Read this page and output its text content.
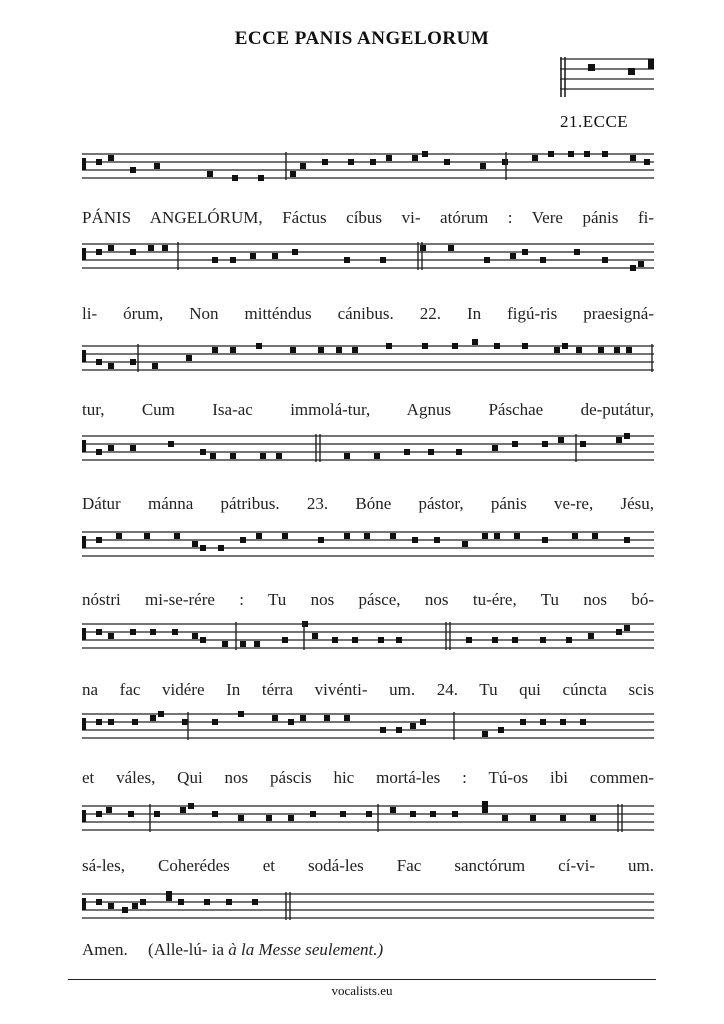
ECCE PANIS ANGELORUM
21.ECCE
PÁNIS ANGELÓRUM, Fáctus cíbus vi- atórum : Vere pánis fi-
li- órum, Non mitténdus cánibus. 22. In figú-ris praesigná-
tur, Cum Isa-ac immolá-tur, Agnus Páschae de-putátur,
Dátur mánna pátribus. 23. Bóne pástor, pánis ve-re, Jésu,
nóstri mi-se-rére : Tu nos pásce, nos tu-ére, Tu nos bó-
na fac vidére In térra vivénti- um. 24. Tu qui cúncta scis
et váles, Qui nos páscis hic mortá-les : Tú-os ibi commen-
sá-les, Coherédes et sodá-les Fac sanctórum cí-vi- um.
Amen. (Alle-lú- ia à la Messe seulement.)
vocalists.eu
